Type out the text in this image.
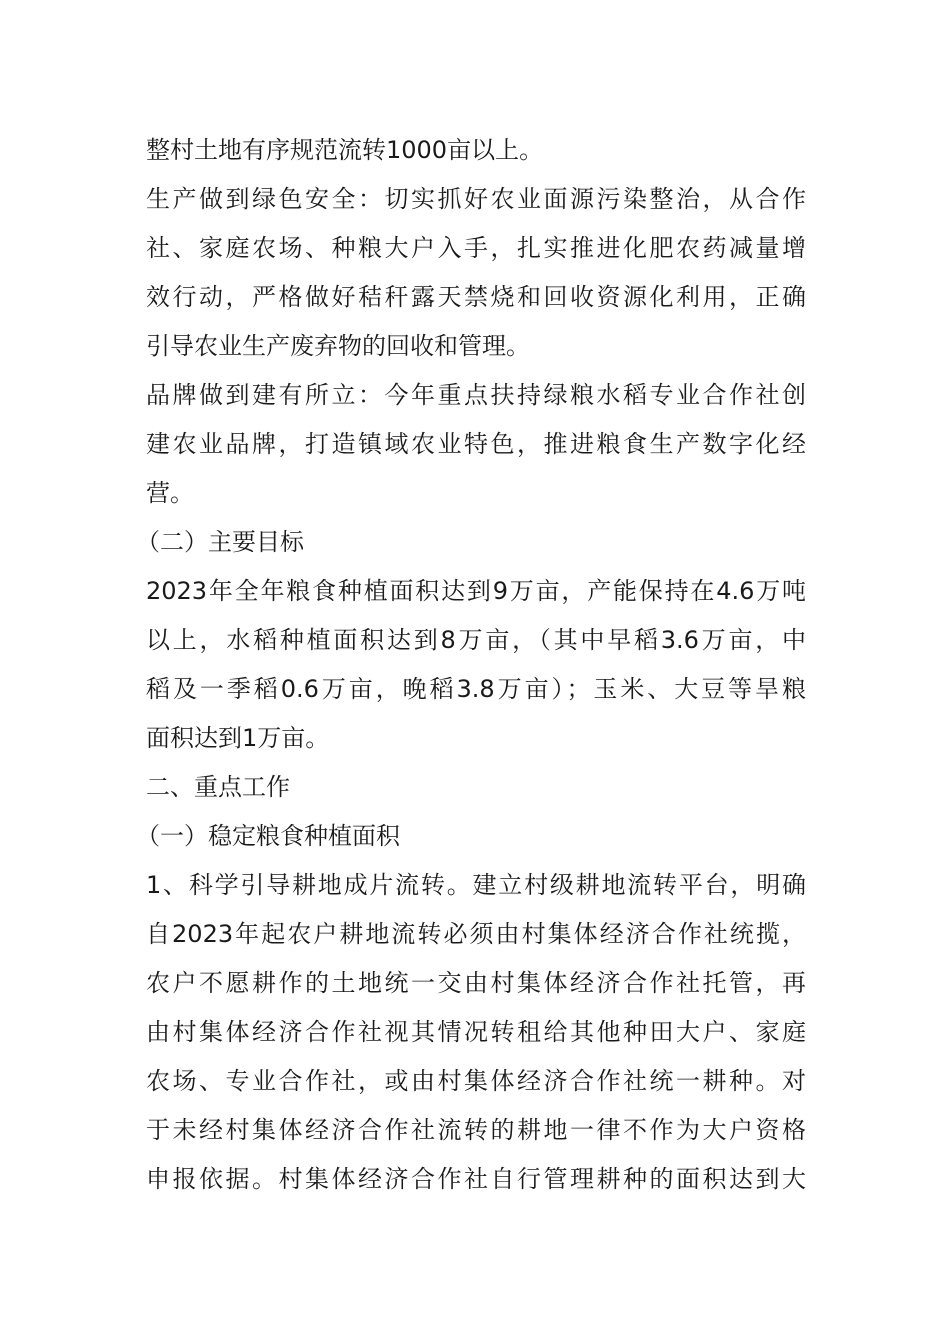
整村土地有序规范流转1000亩以上。
生产做到绿色安全：切实抓好农业面源污染整治，从合作
社、家庭农场、种粮大户入手，扎实推进化肥农药减量增
效行动，严格做好秸秆露天禁烧和回收资源化利用，正确
引导农业生产废弃物的回收和管理。
品牌做到建有所立：今年重点扶持绿粮水稻专业合作社创
建农业品牌，打造镇域农业特色，推进粮食生产数字化经
营。
（二）主要目标
2023年全年粮食种植面积达到9万亩，产能保持在4.6万吨
以上，水稻种植面积达到8万亩，（其中早稻3.6万亩，中
稻及一季稻0.6万亩，晚稻3.8万亩）；玉米、大豆等旱粮
面积达到1万亩。
二、重点工作
（一）稳定粮食种植面积
1、科学引导耕地成片流转。建立村级耕地流转平台，明确
自2023年起农户耕地流转必须由村集体经济合作社统揽，
农户不愿耕作的土地统一交由村集体经济合作社托管，再
由村集体经济合作社视其情况转租给其他种田大户、家庭
农场、专业合作社，或由村集体经济合作社统一耕种。对
于未经村集体经济合作社流转的耕地一律不作为大户资格
申报依据。村集体经济合作社自行管理耕种的面积达到大
